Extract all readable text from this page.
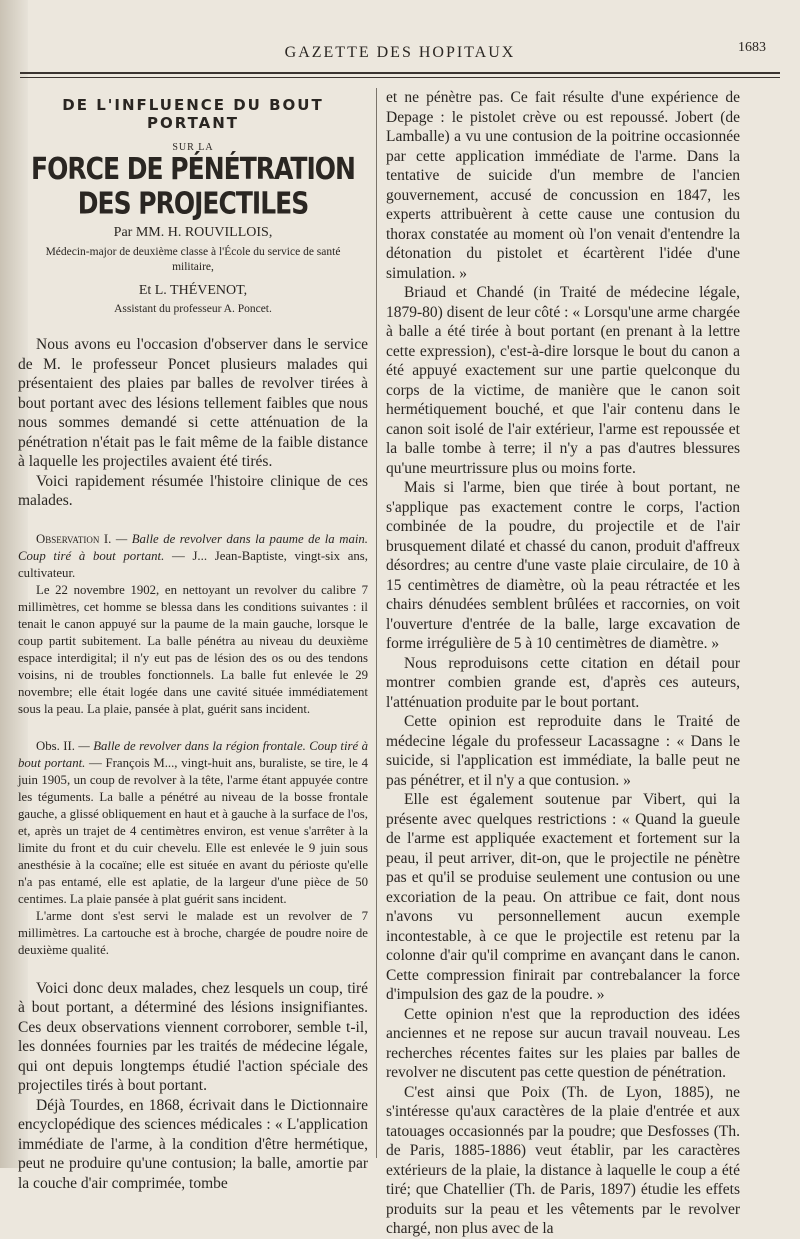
GAZETTE DES HOPITAUX	1683
DE L'INFLUENCE DU BOUT PORTANT
SUR LA
FORCE DE PÉNÉTRATION DES PROJECTILES
Par MM. H. ROUVILLOIS,
Médecin-major de deuxième classe à l'École du service de santé militaire,
Et L. THÉVENOT,
Assistant du professeur A. Poncet.

Nous avons eu l'occasion d'observer dans le service de M. le professeur Poncet plusieurs malades qui présentaient des plaies par balles de revolver tirées à bout portant avec des lésions tellement faibles que nous nous sommes demandé si cette atténuation de la pénétration n'était pas le fait même de la faible distance à laquelle les projectiles avaient été tirés.

Voici rapidement résumée l'histoire clinique de ces malades.

Observation I. — Balle de revolver dans la paume de la main. Coup tiré à bout portant. — J... Jean-Baptiste, vingt-six ans, cultivateur.

Le 22 novembre 1902, en nettoyant un revolver du calibre 7 millimètres, cet homme se blessa dans les conditions suivantes : il tenait le canon appuyé sur la paume de la main gauche, lorsque le coup partit subitement. La balle pénétra au niveau du deuxième espace interdigital; il n'y eut pas de lésion des os ou des tendons voisins, ni de troubles fonctionnels. La balle fut enlevée le 29 novembre; elle était logée dans une cavité située immédiatement sous la peau. La plaie, pansée à plat, guérit sans incident.

Obs. II. — Balle de revolver dans la région frontale. Coup tiré à bout portant. — François M..., vingt-huit ans, buraliste, se tire, le 4 juin 1905, un coup de revolver à la tête, l'arme étant appuyée contre les téguments. La balle a pénétré au niveau de la bosse frontale gauche, a glissé obliquement en haut et à gauche à la surface de l'os, et, après un trajet de 4 centimètres environ, est venue s'arrêter à la limite du front et du cuir chevelu. Elle est enlevée le 9 juin sous anesthésie à la cocaïne; elle est située en avant du périoste qu'elle n'a pas entamé, elle est aplatie, de la largeur d'une pièce de 50 centimes. La plaie pansée à plat guérit sans incident.

L'arme dont s'est servi le malade est un revolver de 7 millimètres. La cartouche est à broche, chargée de poudre noire de deuxième qualité.

Voici donc deux malades, chez lesquels un coup, tiré à bout portant, a déterminé des lésions insignifiantes. Ces deux observations viennent corroborer, semble t-il, les données fournies par les traités de médecine légale, qui ont depuis longtemps étudié l'action spéciale des projectiles tirés à bout portant.

Déjà Tourdes, en 1868, écrivait dans le Dictionnaire encyclopédique des sciences médicales : « L'application immédiate de l'arme, à la condition d'être hermétique, peut ne produire qu'une contusion; la balle, amortie par la couche d'air comprimée, tombe

et ne pénètre pas. Ce fait résulte d'une expérience de Depage : le pistolet crève ou est repoussé. Jobert (de Lamballe) a vu une contusion de la poitrine occasionnée par cette application immédiate de l'arme. Dans la tentative de suicide d'un membre de l'ancien gouvernement, accusé de concussion en 1847, les experts attribuèrent à cette cause une contusion du thorax constatée au moment où l'on venait d'entendre la détonation du pistolet et écartèrent l'idée d'une simulation. »

Briaud et Chandé (in Traité de médecine légale, 1879-80) disent de leur côté : « Lorsqu'une arme chargée à balle a été tirée à bout portant (en prenant à la lettre cette expression), c'est-à-dire lorsque le bout du canon a été appuyé exactement sur une partie quelconque du corps de la victime, de manière que le canon soit hermétiquement bouché, et que l'air contenu dans le canon soit isolé de l'air extérieur, l'arme est repoussée et la balle tombe à terre; il n'y a pas d'autres blessures qu'une meurtrissure plus ou moins forte.

Mais si l'arme, bien que tirée à bout portant, ne s'applique pas exactement contre le corps, l'action combinée de la poudre, du projectile et de l'air brusquement dilaté et chassé du canon, produit d'affreux désordres; au centre d'une vaste plaie circulaire, de 10 à 15 centimètres de diamètre, où la peau rétractée et les chairs dénudées semblent brûlées et raccornies, on voit l'ouverture d'entrée de la balle, large excavation de forme irrégulière de 5 à 10 centimètres de diamètre. »

Nous reproduisons cette citation en détail pour montrer combien grande est, d'après ces auteurs, l'atténuation produite par le bout portant.

Cette opinion est reproduite dans le Traité de médecine légale du professeur Lacassagne : « Dans le suicide, si l'application est immédiate, la balle peut ne pas pénétrer, et il n'y a que contusion. »

Elle est également soutenue par Vibert, qui la présente avec quelques restrictions : « Quand la gueule de l'arme est appliquée exactement et fortement sur la peau, il peut arriver, dit-on, que le projectile ne pénètre pas et qu'il se produise seulement une contusion ou une excoriation de la peau. On attribue ce fait, dont nous n'avons vu personnellement aucun exemple incontestable, à ce que le projectile est retenu par la colonne d'air qu'il comprime en avançant dans le canon. Cette compression finirait par contrebalancer la force d'impulsion des gaz de la poudre. »

Cette opinion n'est que la reproduction des idées anciennes et ne repose sur aucun travail nouveau. Les recherches récentes faites sur les plaies par balles de revolver ne discutent pas cette question de pénétration.

C'est ainsi que Poix (Th. de Lyon, 1885), ne s'intéresse qu'aux caractères de la plaie d'entrée et aux tatouages occasionnés par la poudre; que Desfosses (Th. de Paris, 1885-1886) veut établir, par les caractères extérieurs de la plaie, la distance à laquelle le coup a été tiré; que Chatellier (Th. de Paris, 1897) étudie les effets produits sur la peau et les vêtements par le revolver chargé, non plus avec de la
